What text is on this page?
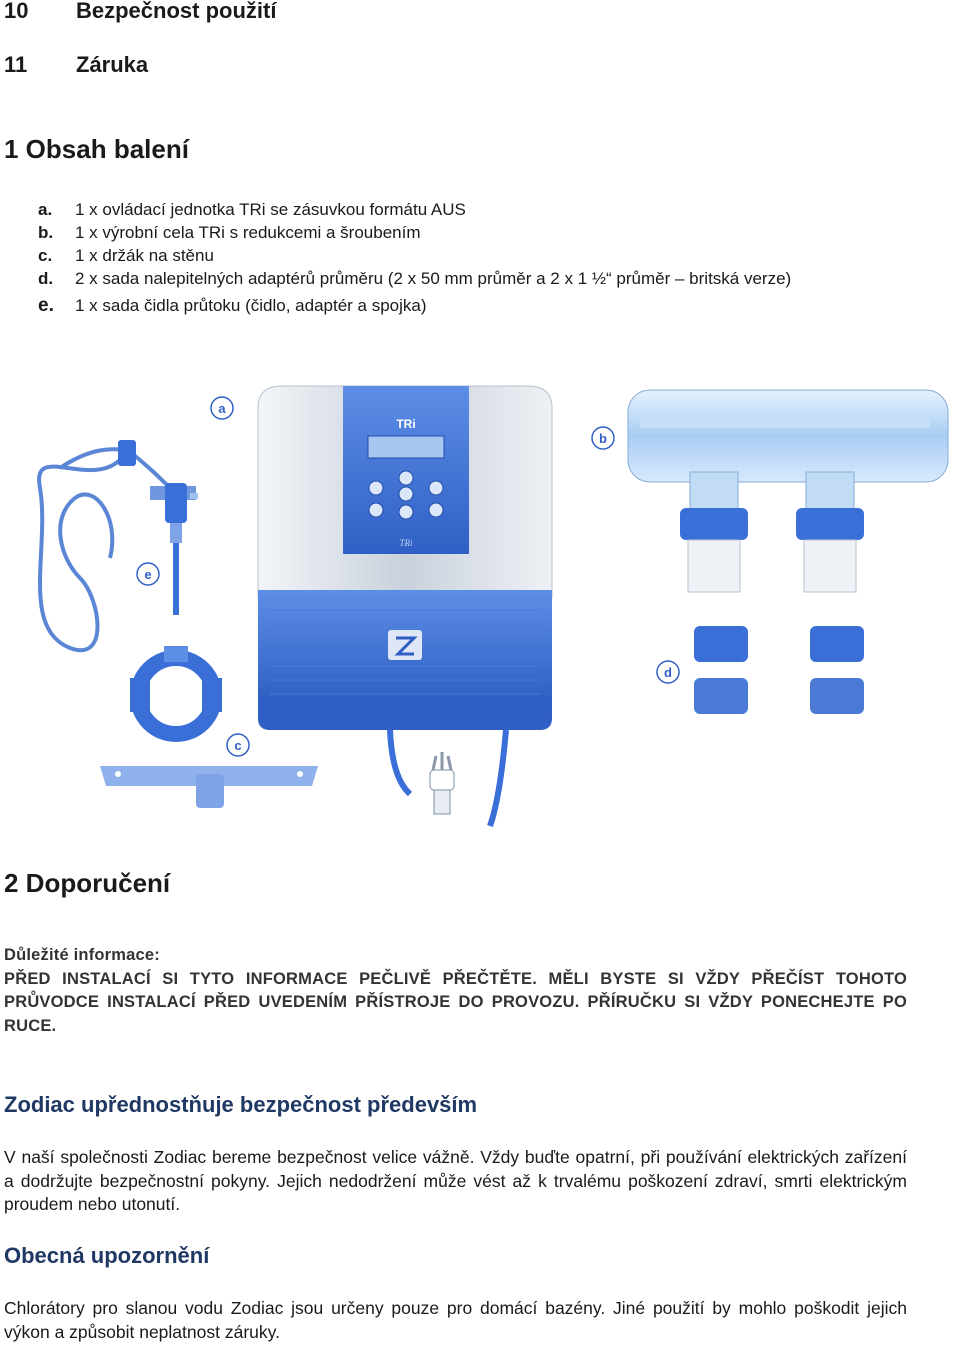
10 Bezpečnost použití
11 Záruka
1 Obsah balení
a. 1 x ovládací jednotka TRi se zásuvkou formátu AUS
b. 1 x výrobní cela TRi s redukcemi a šroubením
c. 1 x držák na stěnu
d. 2 x sada nalepitelných adaptérů průměru (2 x 50 mm průměr a 2 x 1 ½“ průměr – britská verze)
e. 1 x sada čidla průtoku (čidlo, adaptér a spojka)
TRi
TRi
a
b
c
d
e
2 Doporučení
Důležité informace:
PŘED INSTALACÍ SI TYTO INFORMACE PEČLIVĚ PŘEČTĚTE. MĚLI BYSTE SI VŽDY PŘEČÍST TOHOTO PRŮVODCE INSTALACÍ PŘED UVEDENÍM PŘÍSTROJE DO PROVOZU. PŘÍRUČKU SI VŽDY PONECHEJTE PO RUCE.
Zodiac upřednostňuje bezpečnost především

V naší společnosti Zodiac bereme bezpečnost velice vážně. Vždy buďte opatrní, při používání elektrických zařízení a dodržujte bezpečnostní pokyny. Jejich nedodržení může vést až k trvalému poškození zdraví, smrti elektrickým proudem nebo utonutí.

Obecná upozornění

Chlorátory pro slanou vodu Zodiac jsou určeny pouze pro domácí bazény. Jiné použití by mohlo poškodit jejich výkon a způsobit neplatnost záruky.
